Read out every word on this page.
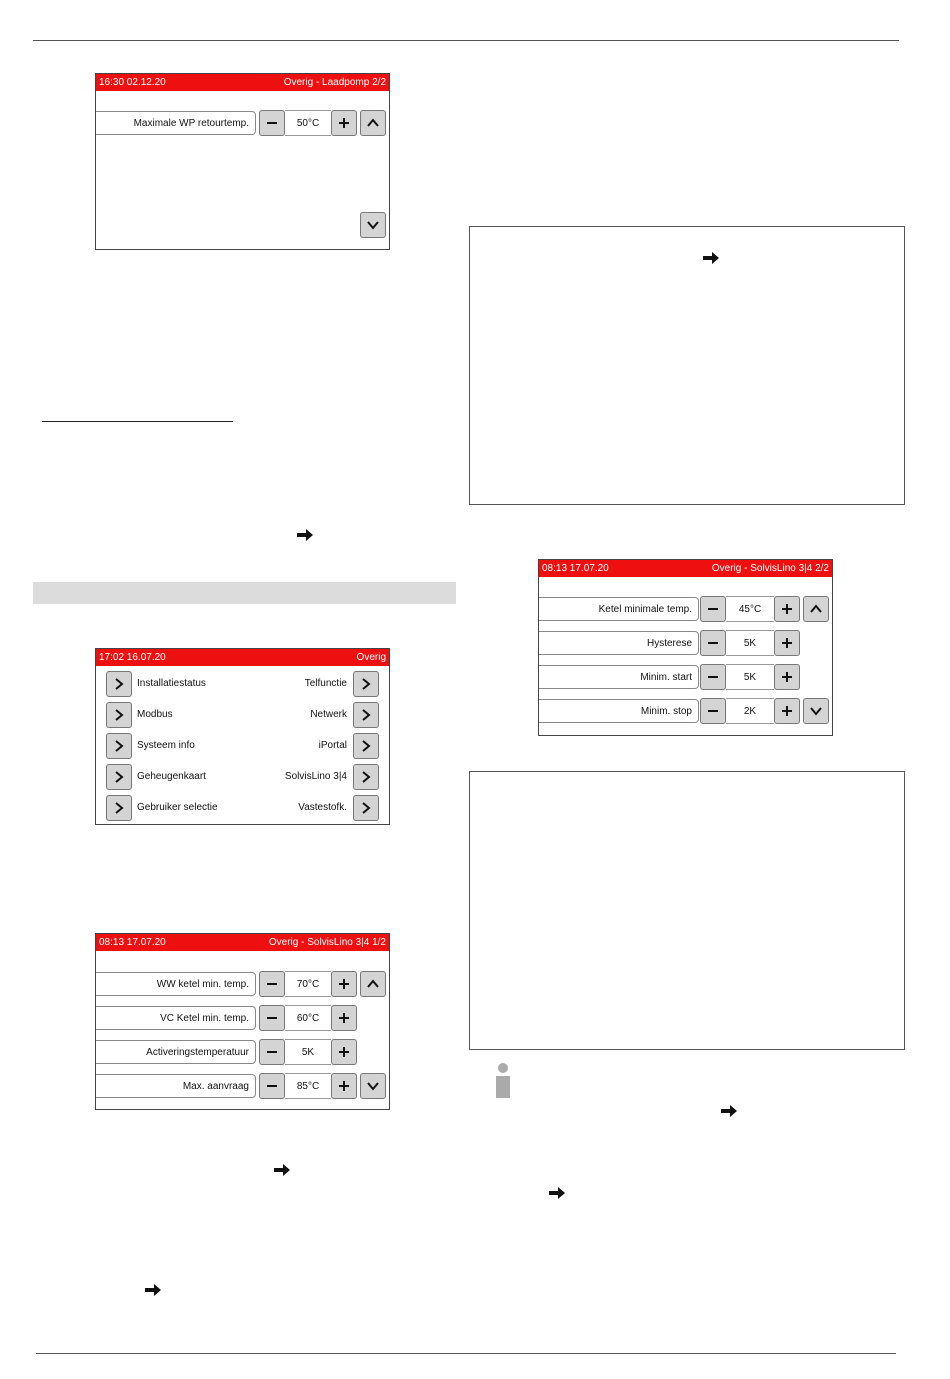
16:30 02.12.20	Overig - Laadpomp 2/2
Maximale WP retourtemp.	50°C
17:02 16.07.20	Overig
Installatiestatus	Telfunctie
Modbus	Netwerk
Systeem info	iPortal
Geheugenkaart	SolvisLino 3|4
Gebruiker selectie	Vastestofk.
08:13 17.07.20	Overig - SolvisLino 3|4 1/2
WW ketel min. temp.	70°C
VC Ketel min. temp.	60°C
Activeringstemperatuur	5K
Max. aanvraag	85°C
08:13 17.07.20	Overig - SolvisLino 3|4 2/2
Ketel minimale temp.	45°C
Hysterese	5K
Minim. start	5K
Minim. stop	2K
